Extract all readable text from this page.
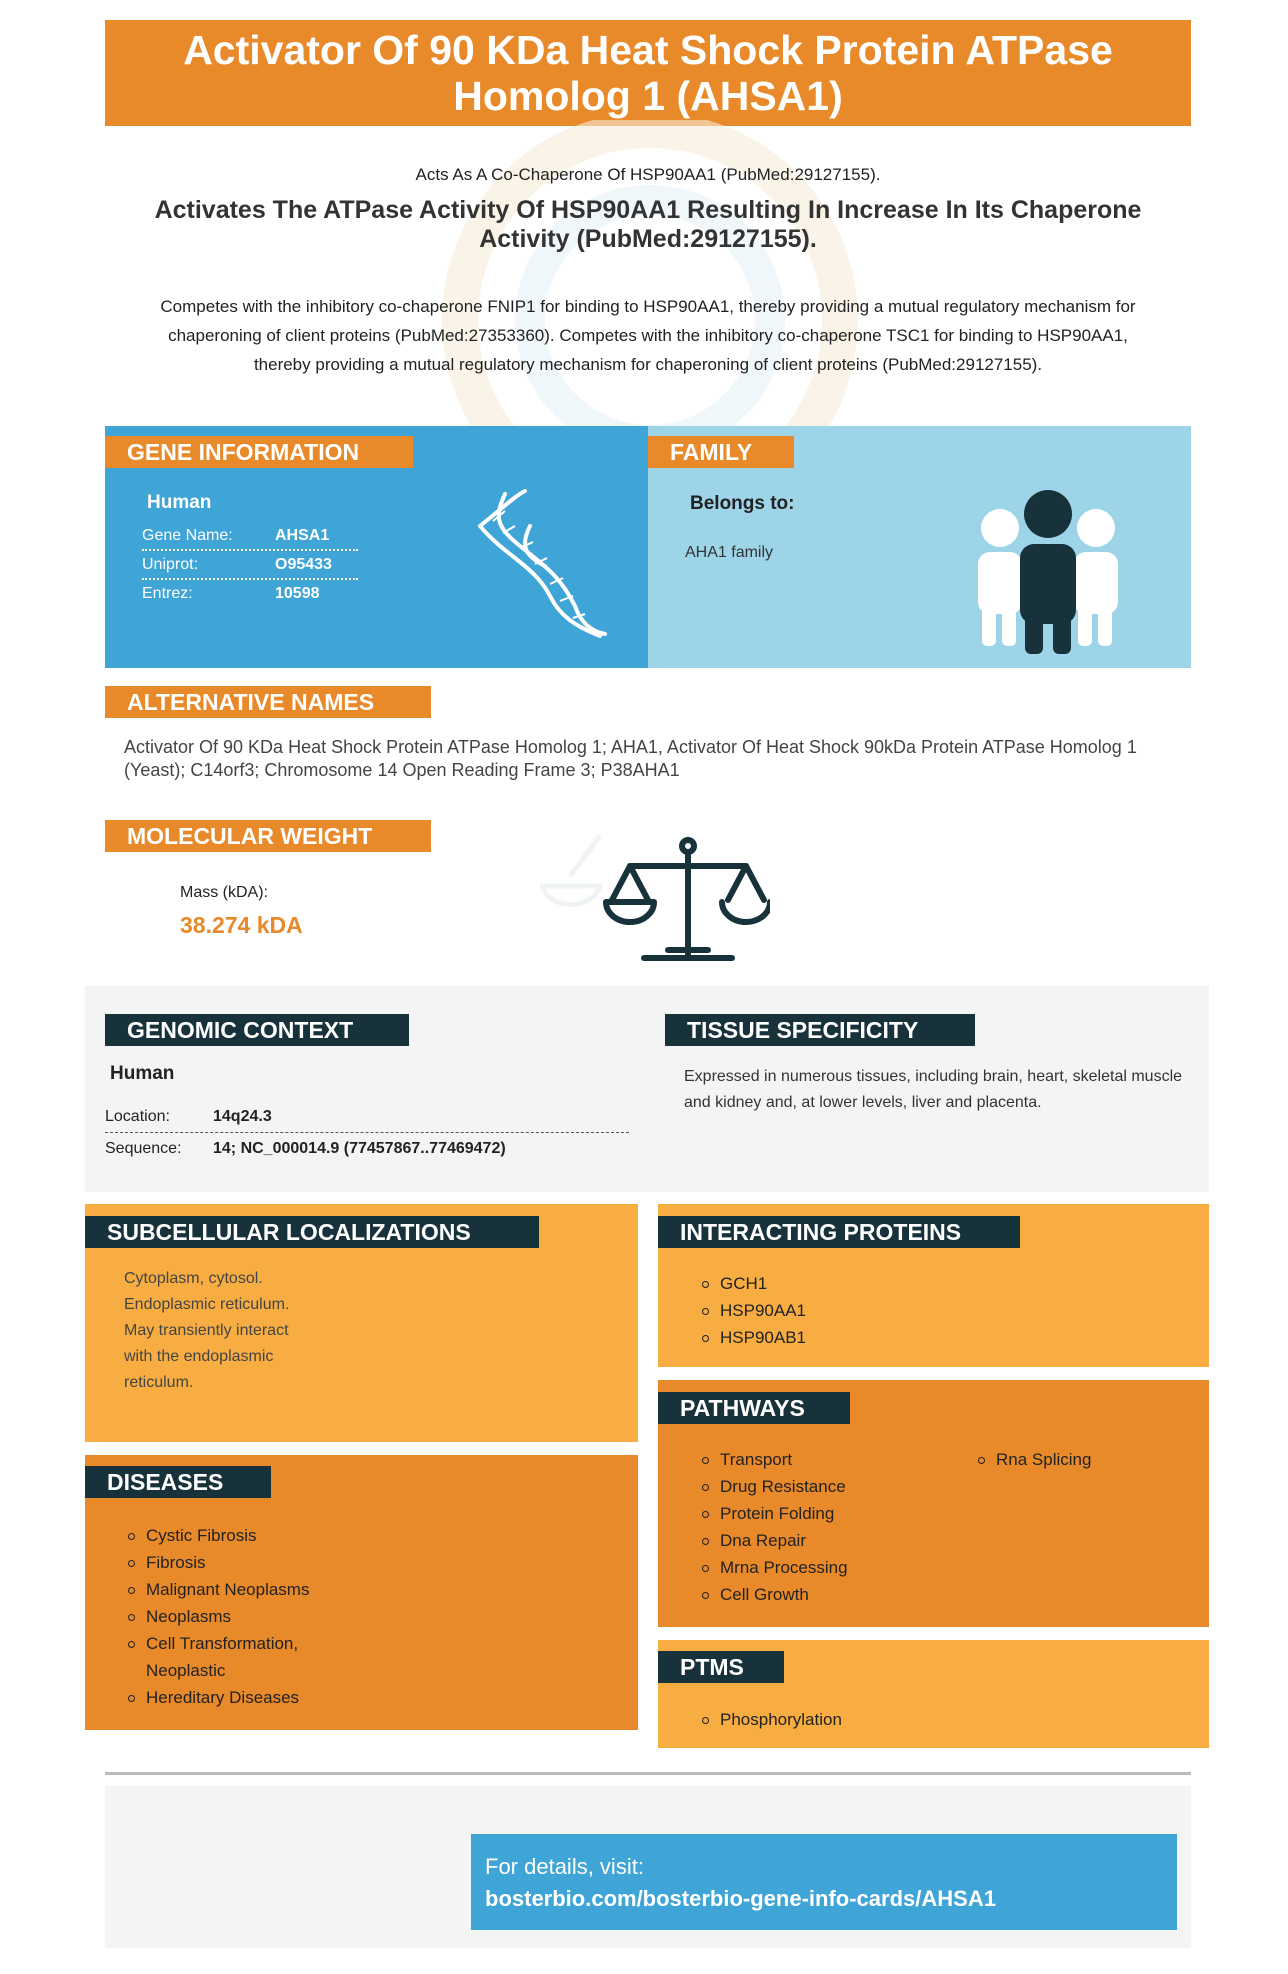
Activator Of 90 KDa Heat Shock Protein ATPase Homolog 1 (AHSA1)
Acts As A Co-Chaperone Of HSP90AA1 (PubMed:29127155).
Activates The ATPase Activity Of HSP90AA1 Resulting In Increase In Its Chaperone Activity (PubMed:29127155).
Competes with the inhibitory co-chaperone FNIP1 for binding to HSP90AA1, thereby providing a mutual regulatory mechanism for chaperoning of client proteins (PubMed:27353360). Competes with the inhibitory co-chaperone TSC1 for binding to HSP90AA1, thereby providing a mutual regulatory mechanism for chaperoning of client proteins (PubMed:29127155).
GENE INFORMATION
Human
Gene Name:	AHSA1
Uniprot:	O95433
Entrez:	10598
FAMILY
Belongs to:
AHA1 family
ALTERNATIVE NAMES
Activator Of 90 KDa Heat Shock Protein ATPase Homolog 1; AHA1, Activator Of Heat Shock 90kDa Protein ATPase Homolog 1 (Yeast); C14orf3; Chromosome 14 Open Reading Frame 3; P38AHA1
MOLECULAR WEIGHT
Mass (kDA):
38.274 kDA
GENOMIC CONTEXT
Human
Location:	14q24.3
Sequence:	14; NC_000014.9 (77457867..77469472)
TISSUE SPECIFICITY
Expressed in numerous tissues, including brain, heart, skeletal muscle and kidney and, at lower levels, liver and placenta.
SUBCELLULAR LOCALIZATIONS
Cytoplasm, cytosol.
Endoplasmic reticulum.
May transiently interact
with the endoplasmic
reticulum.
INTERACTING PROTEINS
GCH1
HSP90AA1
HSP90AB1
DISEASES
Cystic Fibrosis
Fibrosis
Malignant Neoplasms
Neoplasms
Cell Transformation, Neoplastic
Hereditary Diseases
PATHWAYS
Transport
Drug Resistance
Protein Folding
Dna Repair
Mrna Processing
Cell Growth
Rna Splicing
PTMS
Phosphorylation
For details, visit:
bosterbio.com/bosterbio-gene-info-cards/AHSA1
